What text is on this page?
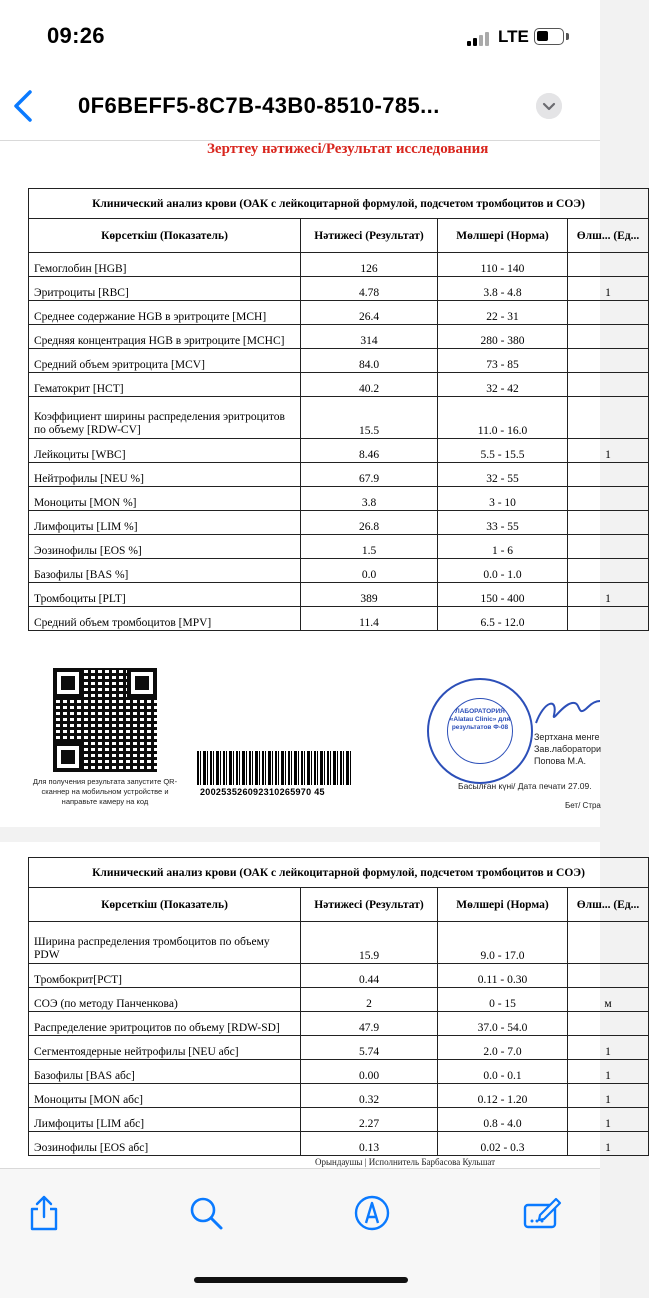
09:26	LTE
0F6BEFF5-8C7B-43B0-8510-785...
Зерттеу нәтижесі/Результат исследования
Клинический анализ крови (ОАК с лейкоцитарной формулой, подсчетом тромбоцитов и СОЭ)			
Көрсеткіш (Показатель)	Нәтижесі (Результат)	Мөлшері (Норма)	Өлш... (Ед...
Гемоглобин [HGB]	126	110 - 140	
Эритроциты [RBC]	4.78	3.8 - 4.8	1
Среднее содержание HGB в эритроците [MCH]	26.4	22 - 31	
Средняя концентрация HGB в эритроците [MCHC]	314	280 - 380	
Средний объем эритроцита [MCV]	84.0	73 - 85	
Гематокрит [HCT]	40.2	32 - 42	
Коэффициент ширины распределения эритроцитов по объему [RDW-CV]	15.5	11.0 - 16.0	
Лейкоциты [WBC]	8.46	5.5 - 15.5	1
Нейтрофилы [NEU %]	67.9	32 - 55	
Моноциты [MON %]	3.8	3 - 10	
Лимфоциты [LIM %]	26.8	33 - 55	
Эозинофилы [EOS %]	1.5	1 - 6	
Базофилы [BAS %]	0.0	0.0 - 1.0	
Тромбоциты [PLT]	389	150 - 400	1
Средний объем тромбоцитов [MPV]	11.4	6.5 - 12.0	
Для получения результата запустите QR-сканнер на мобильном устройстве и направьте камеру на код
200253526092310265970 45
ЛАБОРАТОРИЯ «Alatau Clinic» для результатов Ф-08
Зертхана менге
Зав.лаборатори
Попова М.А.
Басылған күні/ Дата печати 27.09.
Бет/ Стра
Клинический анализ крови (ОАК с лейкоцитарной формулой, подсчетом тромбоцитов и СОЭ)			
Көрсеткіш (Показатель)	Нәтижесі (Результат)	Мөлшері (Норма)	Өлш... (Ед...
Ширина распределения тромбоцитов по объему PDW	15.9	9.0 - 17.0	
Тромбокрит[PCT]	0.44	0.11 - 0.30	
СОЭ (по методу Панченкова)	2	0 - 15	м
Распределение эритроцитов по объему [RDW-SD]	47.9	37.0 - 54.0	
Сегментоядерные нейтрофилы [NEU абс]	5.74	2.0 - 7.0	1
Базофилы [BAS абс]	0.00	0.0 - 0.1	1
Моноциты [MON абс]	0.32	0.12 - 1.20	1
Лимфоциты [LIM абс]	2.27	0.8 - 4.0	1
Эозинофилы [EOS абс]	0.13	0.02 - 0.3	1
Орындаушы | Исполнитель Барбасова Кульшат
